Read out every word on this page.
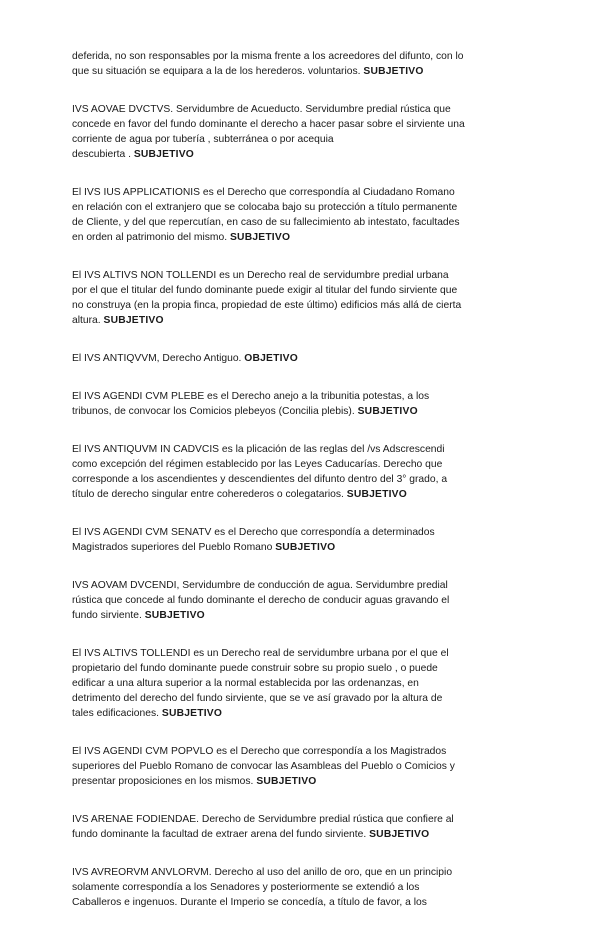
deferida, no son responsables por la misma frente a los acreedores del difunto, con lo
que su situación se equipara a la de los herederos. voluntarios. SUBJETIVO
IVS AOVAE DVCTVS. Servidumbre de Acueducto. Servidumbre predial rústica que
concede en favor del fundo dominante el derecho a hacer pasar sobre el sirviente una
corriente de agua por tubería , subterránea o por acequia
descubierta . SUBJETIVO
El IVS IUS APPLICATIONIS es el Derecho que correspondía al Ciudadano Romano
en relación con el extranjero que se colocaba bajo su protección a título permanente
de Cliente, y del que repercutían, en caso de su fallecimiento ab intestato, facultades
en orden al patrimonio del mismo. SUBJETIVO
El IVS ALTIVS NON TOLLENDI es un Derecho real de servidumbre predial urbana
por el que el titular del fundo dominante puede exigir al titular del fundo sirviente que
no construya (en la propia finca, propiedad de este último) edificios más allá de cierta
altura. SUBJETIVO
El IVS ANTIQVVM, Derecho Antiguo. OBJETIVO
El IVS AGENDI CVM PLEBE es el Derecho anejo a la tribunitia potestas, a los
tribunos, de convocar los Comicios plebeyos (Concilia plebis). SUBJETIVO
El IVS ANTIQUVM IN CADVCIS es la plicación de las reglas del /vs Adscrescendi
como excepción del régimen establecido por las Leyes Caducarías. Derecho que
corresponde a los ascendientes y descendientes del difunto dentro del 3° grado, a
título de derecho singular entre coherederos o colegatarios. SUBJETIVO
El IVS AGENDI CVM SENATV es el Derecho que correspondía a determinados
Magistrados superiores del Pueblo Romano SUBJETIVO
IVS AOVAM DVCENDI, Servidumbre de conducción de agua. Servidumbre predial
rústica que concede al fundo dominante el derecho de conducir aguas gravando el
fundo sirviente. SUBJETIVO
El IVS ALTIVS TOLLENDI es un Derecho real de servidumbre urbana por el que el
propietario del fundo dominante puede construir sobre su propio suelo , o puede
edificar a una altura superior a la normal establecida por las ordenanzas, en
detrimento del derecho del fundo sirviente, que se ve así gravado por la altura de
tales edificaciones. SUBJETIVO
El IVS AGENDI CVM POPVLO es el Derecho que correspondía a los Magistrados
superiores del Pueblo Romano de convocar las Asambleas del Pueblo o Comicios y
presentar proposiciones en los mismos. SUBJETIVO
IVS ARENAE FODIENDAE. Derecho de Servidumbre predial rústica que confiere al
fundo dominante la facultad de extraer arena del fundo sirviente. SUBJETIVO
IVS AVREORVM ANVLORVM. Derecho al uso del anillo de oro, que en un principio
solamente correspondía a los Senadores y posteriormente se extendió a los
Caballeros e ingenuos. Durante el Imperio se concedía, a título de favor, a los
